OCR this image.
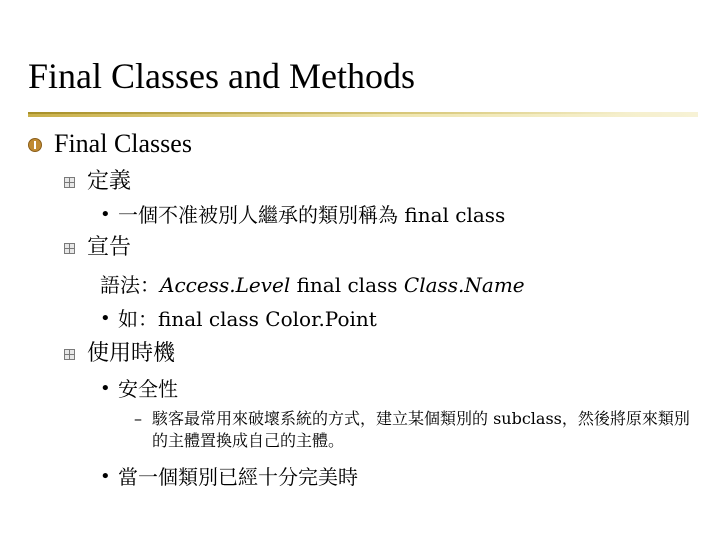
Final Classes and Methods
Final Classes
定義
• 一個不准被別人繼承的類別稱為 final class
宣告
語法：Access.Level final class Class.Name
• 如：final class Color.Point
使用時機
• 安全性
– 駭客最常用來破壞系統的方式，建立某個類別的 subclass，然後將原來類別的主體置換成自己的主體。
• 當一個類別已經十分完美時
